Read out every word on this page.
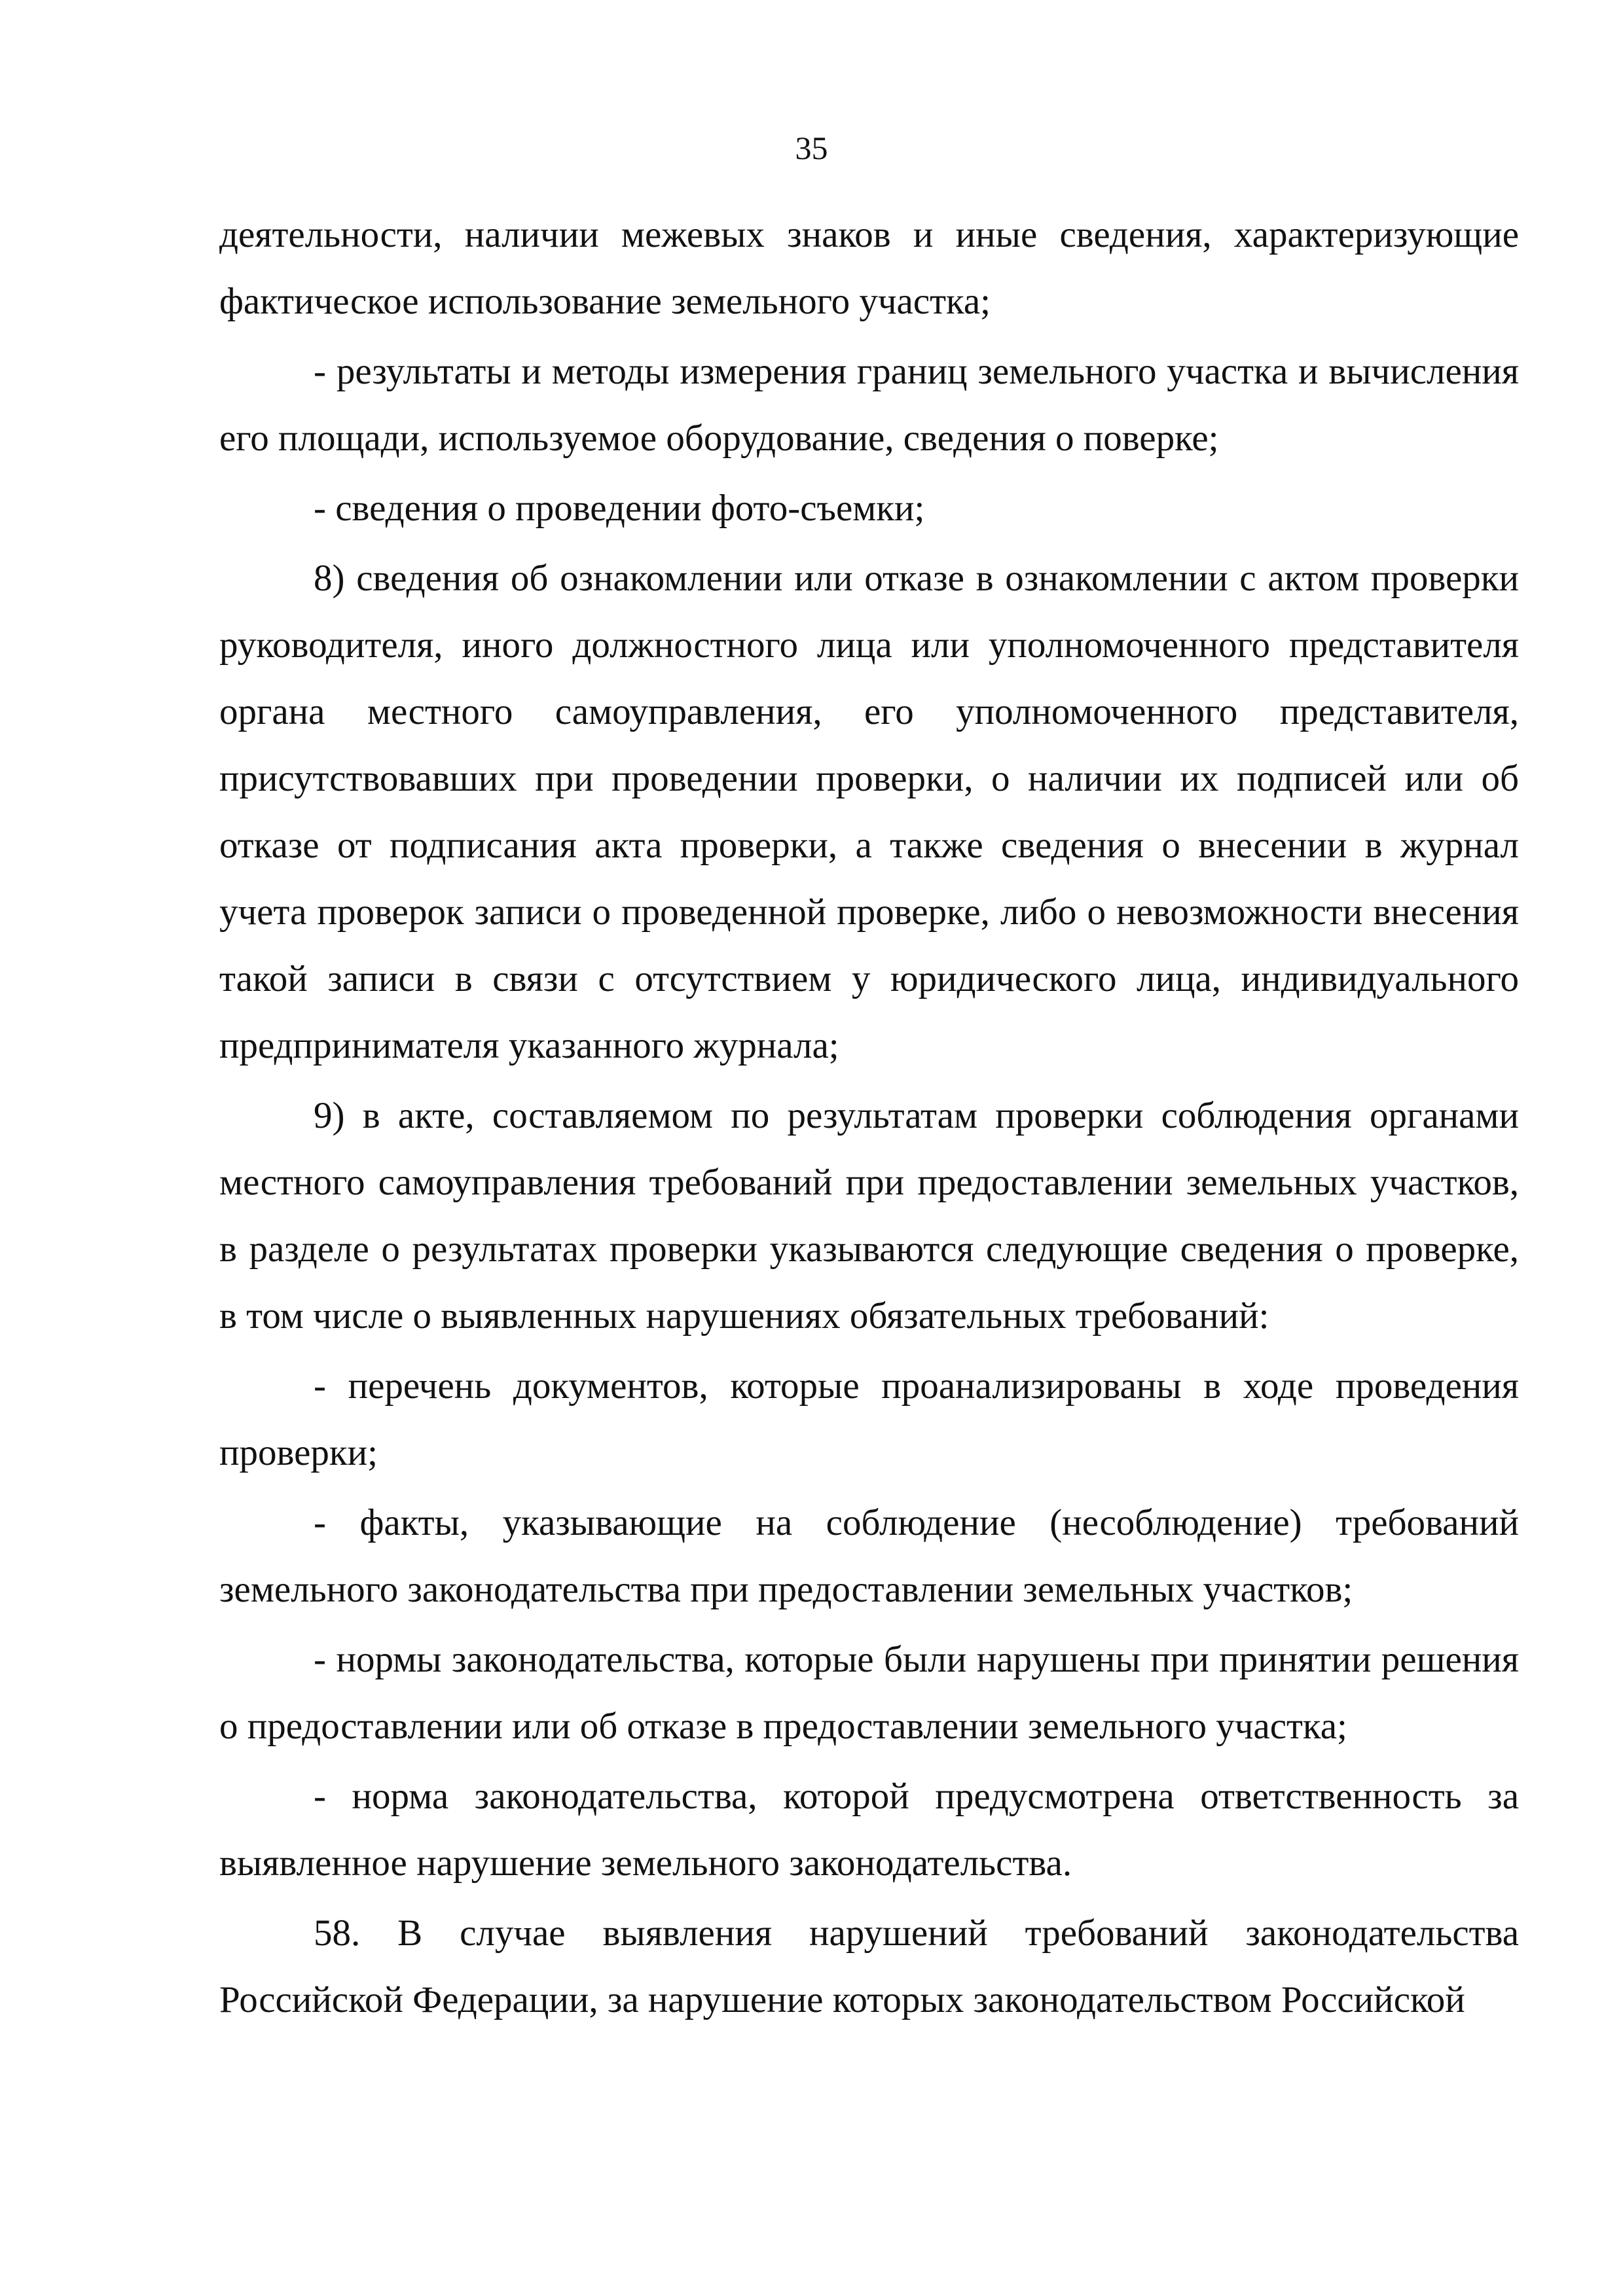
35

деятельности, наличии межевых знаков и иные сведения, характеризующие фактическое использование земельного участка;

- результаты и методы измерения границ земельного участка и вычисления его площади, используемое оборудование, сведения о поверке;

- сведения о проведении фото-съемки;

8) сведения об ознакомлении или отказе в ознакомлении с актом проверки руководителя, иного должностного лица или уполномоченного представителя органа местного самоуправления, его уполномоченного представителя, присутствовавших при проведении проверки, о наличии их подписей или об отказе от подписания акта проверки, а также сведения о внесении в журнал учета проверок записи о проведенной проверке, либо о невозможности внесения такой записи в связи с отсутствием у юридического лица, индивидуального предпринимателя указанного журнала;

9) в акте, составляемом по результатам проверки соблюдения органами местного самоуправления требований при предоставлении земельных участков, в разделе о результатах проверки указываются следующие сведения о проверке, в том числе о выявленных нарушениях обязательных требований:

- перечень документов, которые проанализированы в ходе проведения проверки;

- факты, указывающие на соблюдение (несоблюдение) требований земельного законодательства при предоставлении земельных участков;

- нормы законодательства, которые были нарушены при принятии решения о предоставлении или об отказе в предоставлении земельного участка;

- норма законодательства, которой предусмотрена ответственность за выявленное нарушение земельного законодательства.

58. В случае выявления нарушений требований законодательства Российской Федерации, за нарушение которых законодательством Российской
